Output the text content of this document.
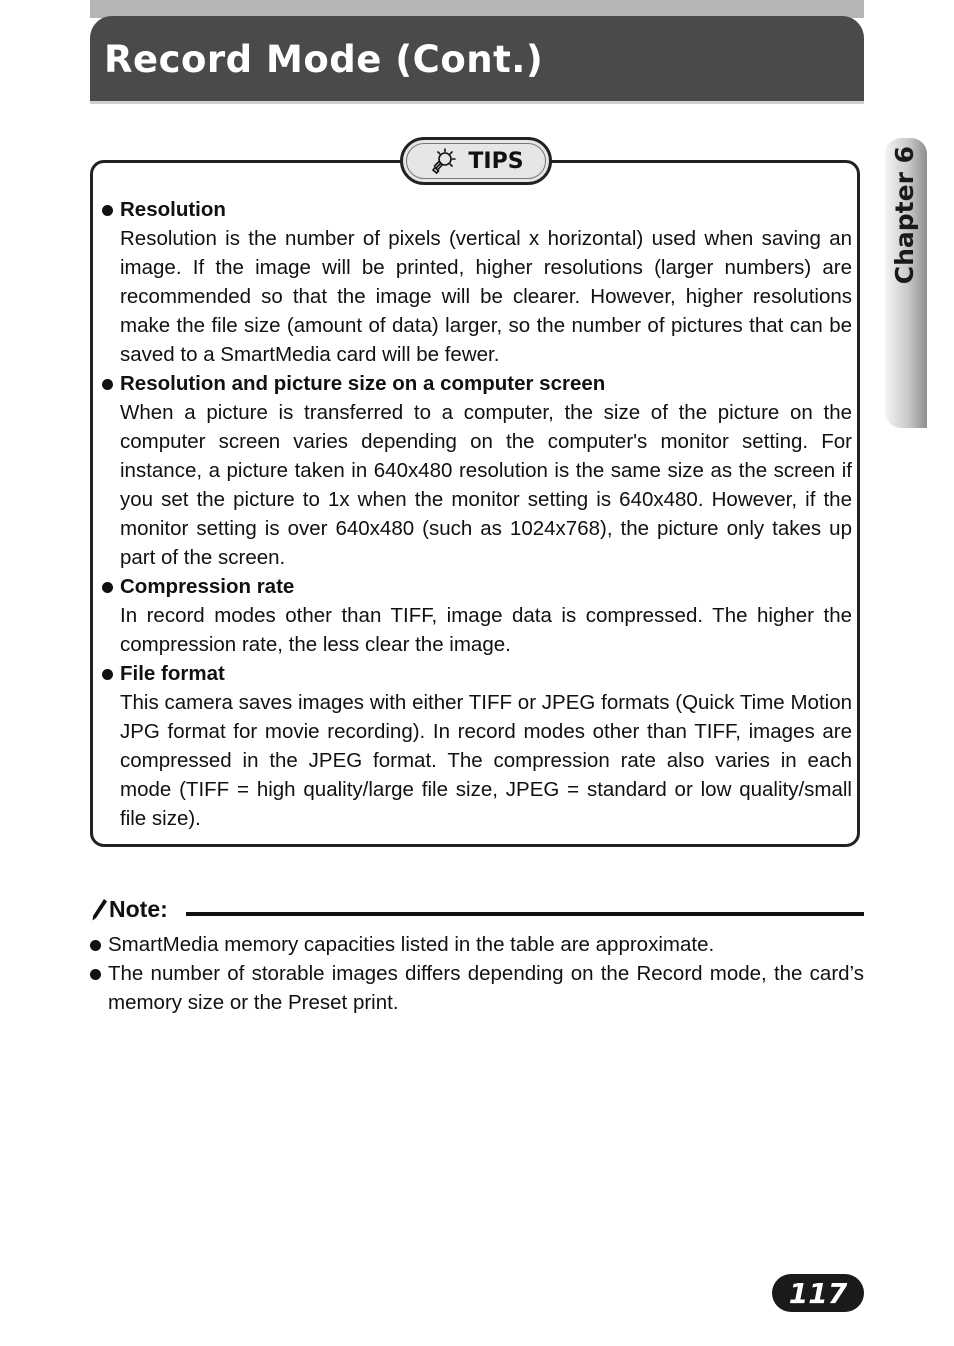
Record Mode (Cont.)
Chapter 6
TIPS
Resolution
Resolution is the number of pixels (vertical x horizontal) used when saving an image. If the image will be printed, higher resolutions (larger numbers) are recommended so that the image will be clearer. However, higher resolutions make the file size (amount of data) larger, so the number of pictures that can be saved to a SmartMedia card will be fewer.
Resolution and picture size on a computer screen
When a picture is transferred to a computer, the size of the picture on the computer screen varies depending on the computer's monitor setting. For instance, a picture taken in 640x480 resolution is the same size as the screen if you set the picture to 1x when the monitor setting is 640x480. However, if the monitor setting is over 640x480 (such as 1024x768), the picture only takes up part of the screen.
Compression rate
In record modes other than TIFF, image data is compressed. The higher the compression rate, the less clear the image.
File format
This camera saves images with either TIFF or JPEG formats (Quick Time Motion JPG format for movie recording). In record modes other than TIFF, images are compressed in the JPEG format. The compression rate also varies in each mode (TIFF = high quality/large file size, JPEG = standard or low quality/small file size).
Note:
SmartMedia memory capacities listed in the table are approximate.
The number of storable images differs depending on the Record mode, the card’s memory size or the Preset print.
117
